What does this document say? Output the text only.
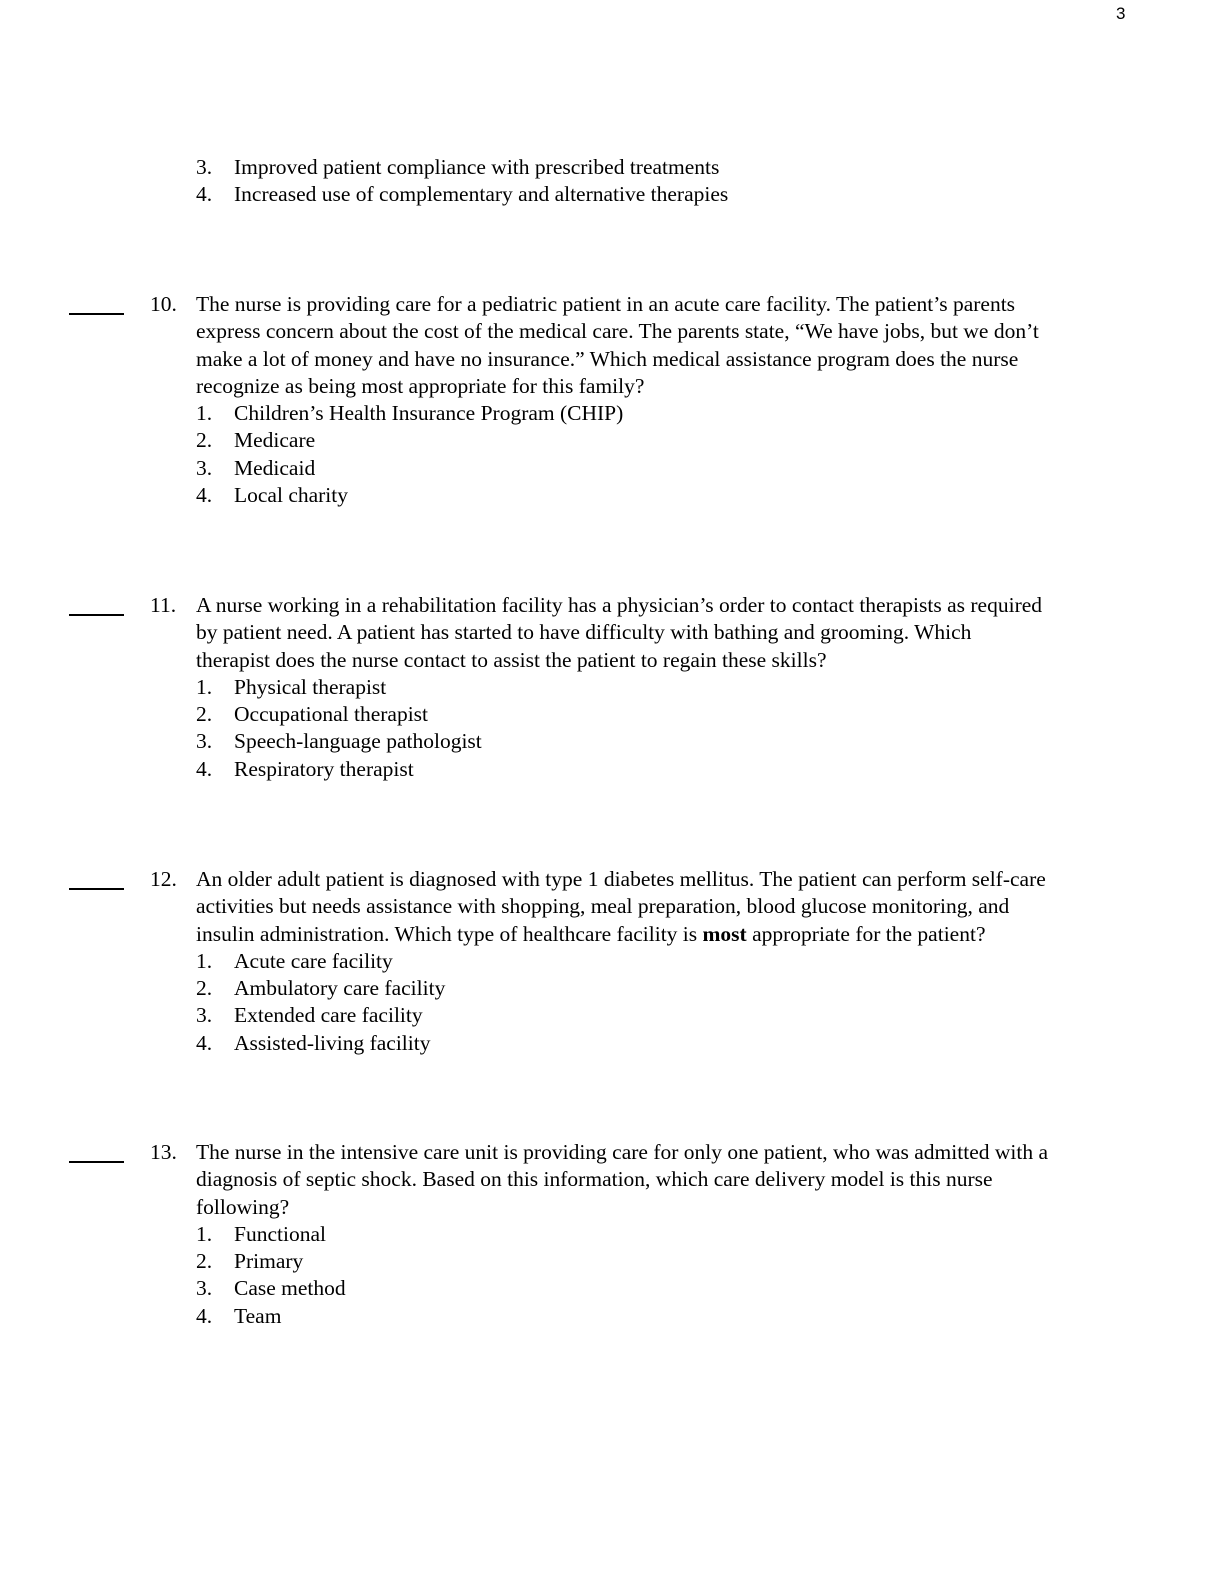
3
3. Improved patient compliance with prescribed treatments
4. Increased use of complementary and alternative therapies
10. The nurse is providing care for a pediatric patient in an acute care facility. The patient’s parents
express concern about the cost of the medical care. The parents state, “We have jobs, but we don’t
make a lot of money and have no insurance.” Which medical assistance program does the nurse
recognize as being most appropriate for this family?
1. Children’s Health Insurance Program (CHIP)
2. Medicare
3. Medicaid
4. Local charity
11. A nurse working in a rehabilitation facility has a physician’s order to contact therapists as required
by patient need. A patient has started to have difficulty with bathing and grooming. Which
therapist does the nurse contact to assist the patient to regain these skills?
1. Physical therapist
2. Occupational therapist
3. Speech-language pathologist
4. Respiratory therapist
12. An older adult patient is diagnosed with type 1 diabetes mellitus. The patient can perform self-care
activities but needs assistance with shopping, meal preparation, blood glucose monitoring, and
insulin administration. Which type of healthcare facility is most appropriate for the patient?
1. Acute care facility
2. Ambulatory care facility
3. Extended care facility
4. Assisted-living facility
13. The nurse in the intensive care unit is providing care for only one patient, who was admitted with a
diagnosis of septic shock. Based on this information, which care delivery model is this nurse
following?
1. Functional
2. Primary
3. Case method
4. Team
